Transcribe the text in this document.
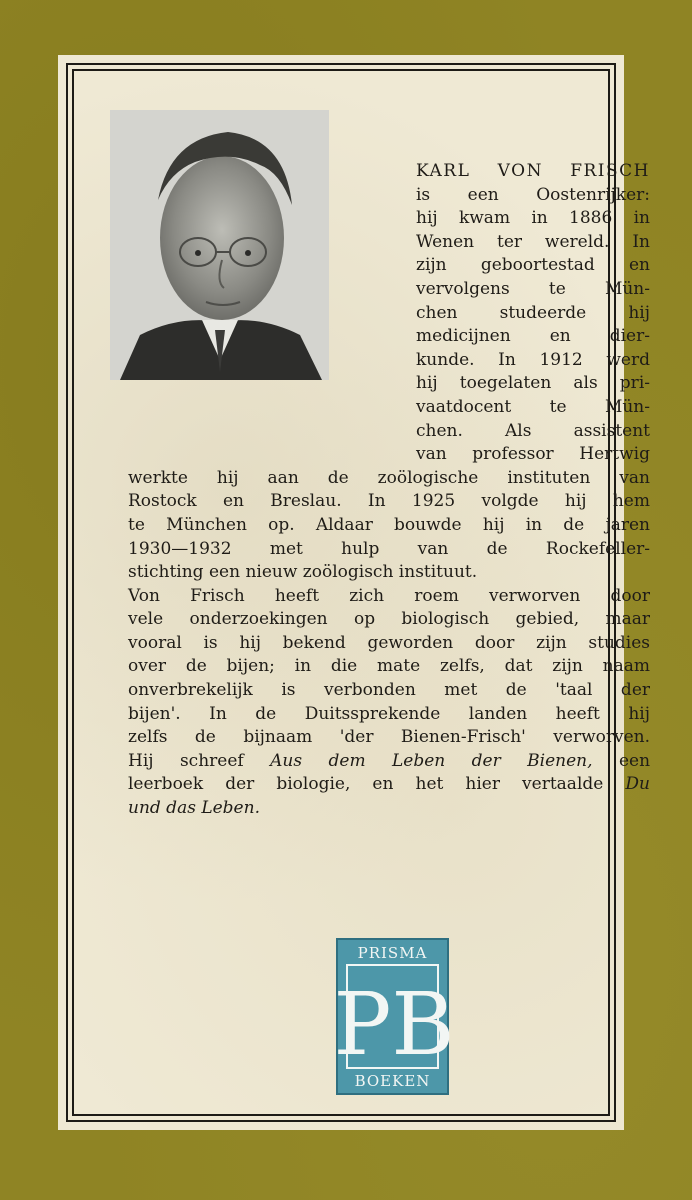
KARL VON FRISCH
is een Oostenrijker:
hij kwam in 1886 in
Wenen ter wereld. In
zijn geboortestad en
vervolgens te Mün-
chen studeerde hij
medicijnen en dier-
kunde. In 1912 werd
hij toegelaten als pri-
vaatdocent te Mün-
chen. Als assistent
van professor Hertwig
werkte hij aan de zoölogische instituten van
Rostock en Breslau. In 1925 volgde hij hem
te München op. Aldaar bouwde hij in de jaren
1930—1932 met hulp van de Rockefeller-
stichting een nieuw zoölogisch instituut.
Von Frisch heeft zich roem verworven door
vele onderzoekingen op biologisch gebied, maar
vooral is hij bekend geworden door zijn studies
over de bijen; in die mate zelfs, dat zijn naam
onverbrekelijk is verbonden met de 'taal der
bijen'. In de Duitssprekende landen heeft hij
zelfs de bijnaam 'der Bienen-Frisch' verworven.
Hij schreef Aus dem Leben der Bienen, een
leerboek der biologie, en het hier vertaalde Du
und das Leben.
PRISMA
PB
BOEKEN
